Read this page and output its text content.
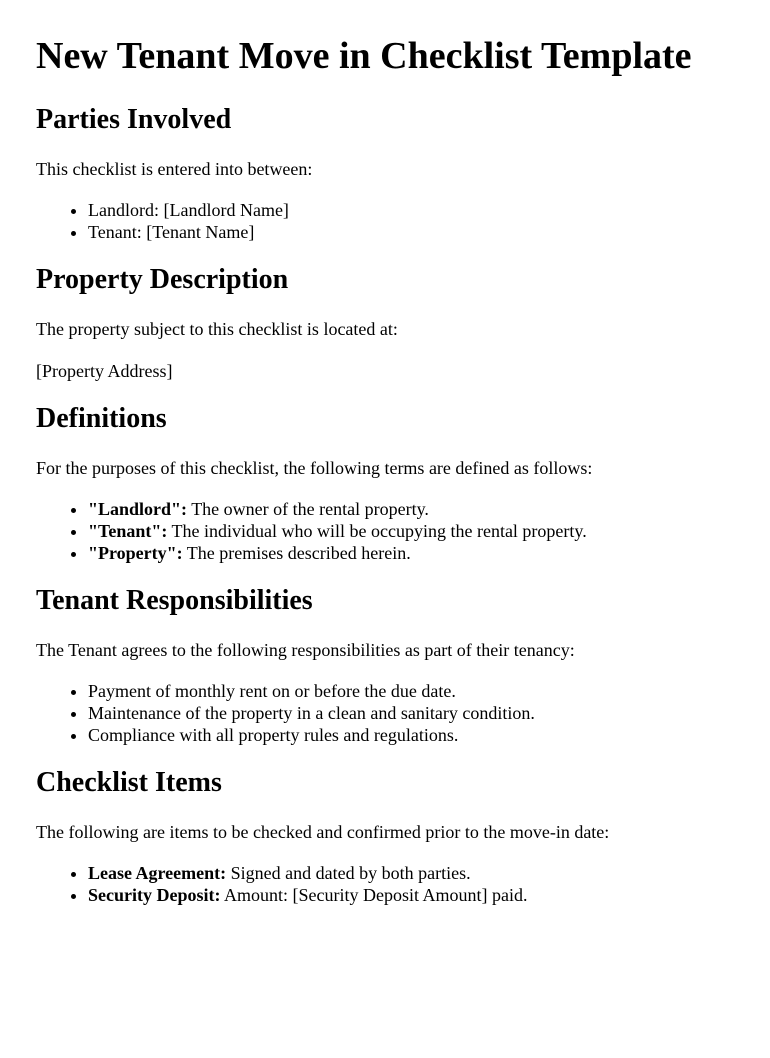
New Tenant Move in Checklist Template
Parties Involved

This checklist is entered into between:

• Landlord: [Landlord Name]
• Tenant: [Tenant Name]
Property Description

The property subject to this checklist is located at:

[Property Address]

Definitions

For the purposes of this checklist, the following terms are defined as follows:

• "Landlord": The owner of the rental property.
• "Tenant": The individual who will be occupying the rental property.
• "Property": The premises described herein.
Tenant Responsibilities

The Tenant agrees to the following responsibilities as part of their tenancy:

• Payment of monthly rent on or before the due date.
• Maintenance of the property in a clean and sanitary condition.
• Compliance with all property rules and regulations.
Checklist Items

The following are items to be checked and confirmed prior to the move-in date:

• Lease Agreement: Signed and dated by both parties.
• Security Deposit: Amount: [Security Deposit Amount] paid.
